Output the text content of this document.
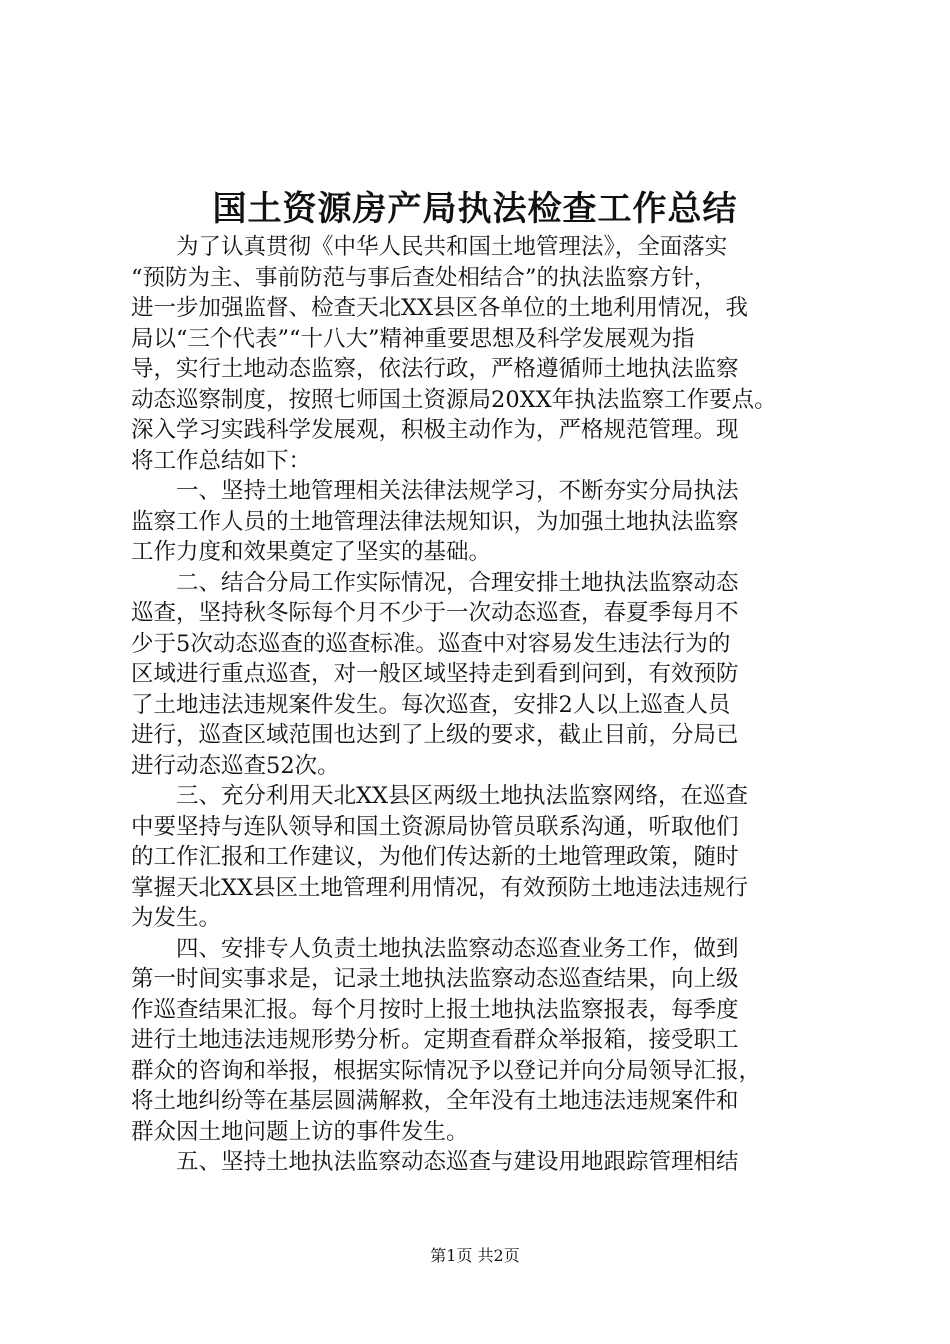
国土资源房产局执法检查工作总结
　　为了认真贯彻《中华人民共和国土地管理法》，全面落实
“预防为主、事前防范与事后查处相结合”的执法监察方针，
进一步加强监督、检查天北XX县区各单位的土地利用情况，我
局以“三个代表”“十八大”精神重要思想及科学发展观为指
导，实行土地动态监察，依法行政，严格遵循师土地执法监察
动态巡察制度，按照七师国土资源局20XX年执法监察工作要点。
深入学习实践科学发展观，积极主动作为，严格规范管理。现
将工作总结如下：
　　一、坚持土地管理相关法律法规学习，不断夯实分局执法
监察工作人员的土地管理法律法规知识，为加强土地执法监察
工作力度和效果奠定了坚实的基础。
　　二、结合分局工作实际情况，合理安排土地执法监察动态
巡查，坚持秋冬际每个月不少于一次动态巡查，春夏季每月不
少于5次动态巡查的巡查标准。巡查中对容易发生违法行为的
区域进行重点巡查，对一般区域坚持走到看到问到，有效预防
了土地违法违规案件发生。每次巡查，安排2人以上巡查人员
进行，巡查区域范围也达到了上级的要求，截止目前，分局已
进行动态巡查52次。
　　三、充分利用天北XX县区两级土地执法监察网络，在巡查
中要坚持与连队领导和国土资源局协管员联系沟通，听取他们
的工作汇报和工作建议，为他们传达新的土地管理政策，随时
掌握天北XX县区土地管理利用情况，有效预防土地违法违规行
为发生。
　　四、安排专人负责土地执法监察动态巡查业务工作，做到
第一时间实事求是，记录土地执法监察动态巡查结果，向上级
作巡查结果汇报。每个月按时上报土地执法监察报表，每季度
进行土地违法违规形势分析。定期查看群众举报箱，接受职工
群众的咨询和举报，根据实际情况予以登记并向分局领导汇报，
将土地纠纷等在基层圆满解救，全年没有土地违法违规案件和
群众因土地问题上访的事件发生。
　　五、坚持土地执法监察动态巡查与建设用地跟踪管理相结
第1页 共2页
